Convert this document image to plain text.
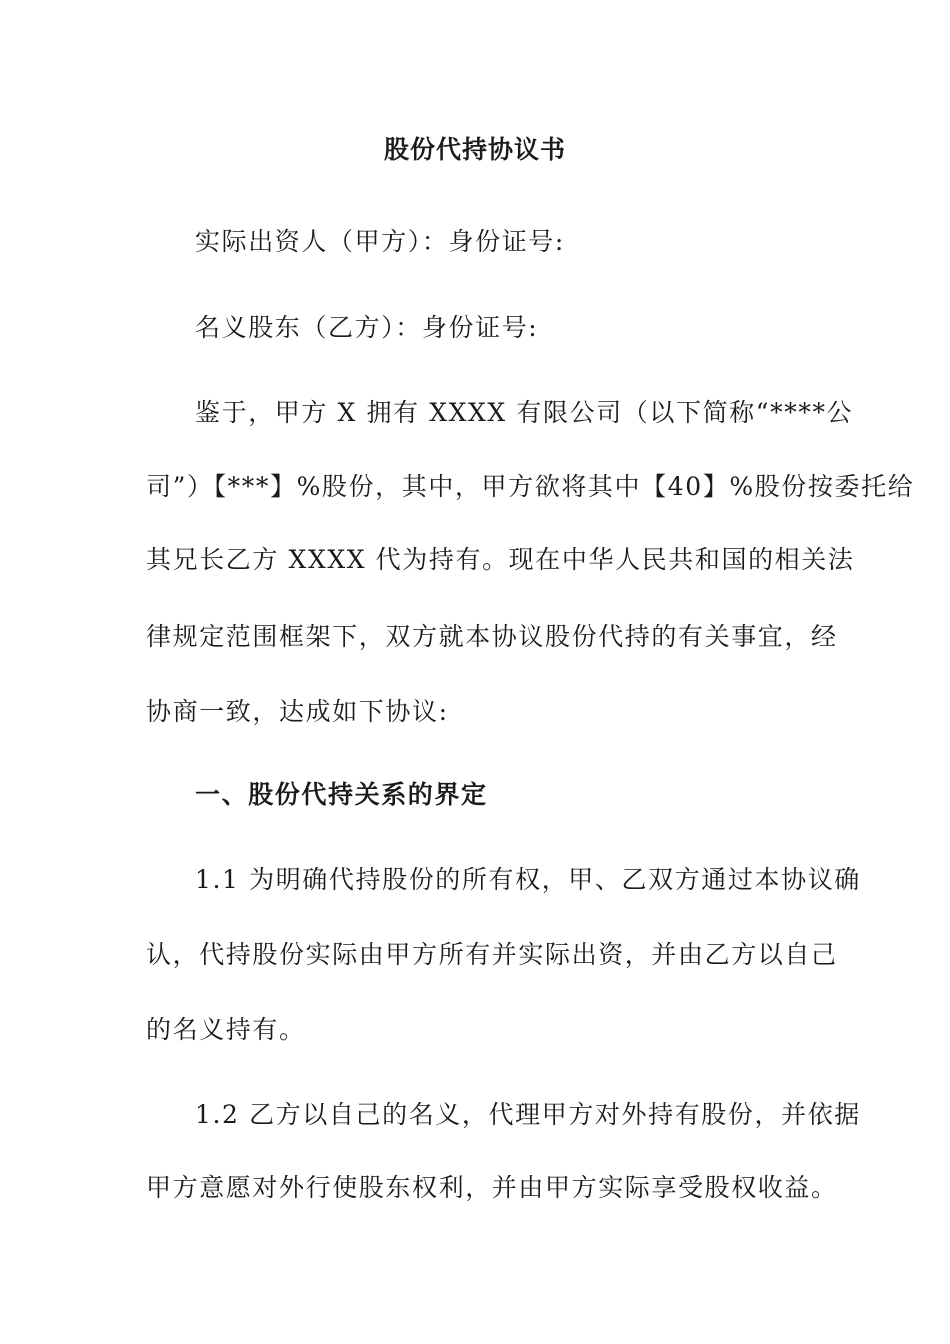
股份代持协议书
实际出资人（甲方）：身份证号:
名义股东（乙方）：身份证号:
鉴于，甲方 X 拥有 XXXX 有限公司（以下简称“****公
司”）【***】%股份，其中，甲方欲将其中【40】%股份按委托给
其兄长乙方 XXXX 代为持有。现在中华人民共和国的相关法
律规定范围框架下，双方就本协议股份代持的有关事宜，经
协商一致，达成如下协议:
一、股份代持关系的界定
1.1 为明确代持股份的所有权，甲、乙双方通过本协议确
认，代持股份实际由甲方所有并实际出资，并由乙方以自己
的名义持有。
1.2 乙方以自己的名义，代理甲方对外持有股份，并依据
甲方意愿对外行使股东权利，并由甲方实际享受股权收益。
